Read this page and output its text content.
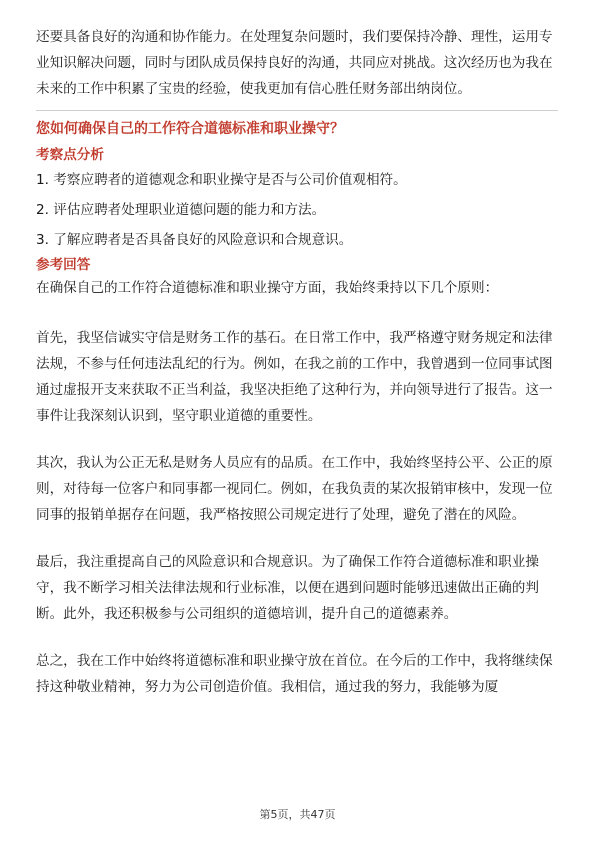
还要具备良好的沟通和协作能力。在处理复杂问题时，我们要保持冷静、理性，运用专业知识解决问题，同时与团队成员保持良好的沟通，共同应对挑战。这次经历也为我在未来的工作中积累了宝贵的经验，使我更加有信心胜任财务部出纳岗位。

您如何确保自己的工作符合道德标准和职业操守？
考察点分析

1. 考察应聘者的道德观念和职业操守是否与公司价值观相符。

2. 评估应聘者处理职业道德问题的能力和方法。

3. 了解应聘者是否具备良好的风险意识和合规意识。

参考回答

在确保自己的工作符合道德标准和职业操守方面，我始终秉持以下几个原则：

首先，我坚信诚实守信是财务工作的基石。在日常工作中，我严格遵守财务规定和法律法规，不参与任何违法乱纪的行为。例如，在我之前的工作中，我曾遇到一位同事试图通过虚报开支来获取不正当利益，我坚决拒绝了这种行为，并向领导进行了报告。这一事件让我深刻认识到，坚守职业道德的重要性。

其次，我认为公正无私是财务人员应有的品质。在工作中，我始终坚持公平、公正的原则，对待每一位客户和同事都一视同仁。例如，在我负责的某次报销审核中，发现一位同事的报销单据存在问题，我严格按照公司规定进行了处理，避免了潜在的风险。

最后，我注重提高自己的风险意识和合规意识。为了确保工作符合道德标准和职业操守，我不断学习相关法律法规和行业标准，以便在遇到问题时能够迅速做出正确的判断。此外，我还积极参与公司组织的道德培训，提升自己的道德素养。

总之，我在工作中始终将道德标准和职业操守放在首位。在今后的工作中，我将继续保持这种敬业精神，努力为公司创造价值。我相信，通过我的努力，我能够为厦

第5页，共47页
